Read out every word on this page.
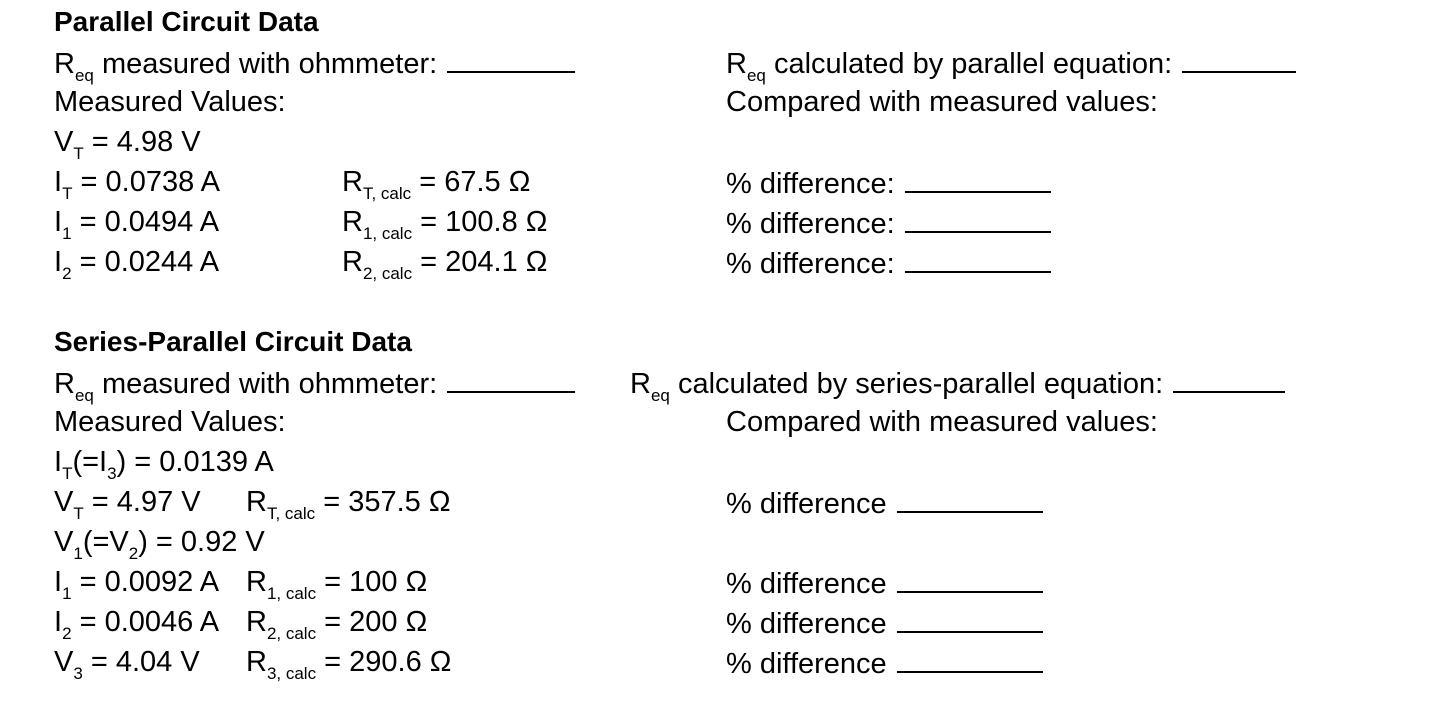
Parallel Circuit Data
$R_{eq}$ measured with ohmmeter:	$R_{eq}$ calculated by parallel equation:
Measured Values:	Compared with measured values:
$V_T = 4.98$ V
$I_T = 0.0738$ A	$R_{T, calc} = 67.5$ Ω	% difference:
$I_1 = 0.0494$ A	$R_{1, calc} = 100.8$ Ω	% difference:
$I_2 = 0.0244$ A	$R_{2, calc} = 204.1$ Ω	% difference:
Series-Parallel Circuit Data
$R_{eq}$ measured with ohmmeter:	$R_{eq}$ calculated by series-parallel equation:
Measured Values:	Compared with measured values:
$I_T(=I_3) = 0.0139$ A
$V_T = 4.97$ V $R_{T, calc} = 357.5$ Ω	% difference
$V_1(=V_2) = 0.92$ V
$I_1 = 0.0092$ A $R_{1, calc} = 100$ Ω	% difference
$I_2 = 0.0046$ A $R_{2, calc} = 200$ Ω	% difference
$V_3 = 4.04$ V $R_{3, calc} = 290.6$ Ω	% difference
